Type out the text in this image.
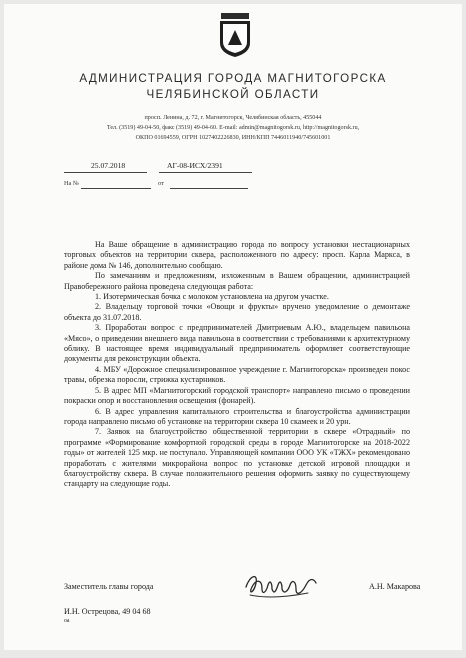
АДМИНИСТРАЦИЯ ГОРОДА МАГНИТОГОРСКА
ЧЕЛЯБИНСКОЙ ОБЛАСТИ
просп. Ленина, д. 72, г. Магнитогорск, Челябинская область, 455044
Тел. (3519) 49-04-50, факс (3519) 49-04-60. E-mail: admin@magnitogorsk.ru, http://magnitogorsk.ru,
ОКПО 01694559, ОГРН 1027402226830, ИНН/КПП 7446011940/745601001
25.07.2018	АГ-08-ИСХ/2391
На №	от

На Ваше обращение в администрацию города по вопросу установки нестационарных торговых объектов на территории сквера, расположенного по адресу: просп. Карла Маркса, в районе дома № 146, дополнительно сообщаю.

По замечаниям и предложениям, изложенным в Вашем обращении, администрацией Правобережного района проведена следующая работа:

1. Изотермическая бочка с молоком установлена на другом участке.

2. Владельцу торговой точки «Овощи и фрукты» вручено уведомление о демонтаже объекта до 31.07.2018.

3. Проработан вопрос с предпринимателей Дмитриевым А.Ю., владельцем павильона «Мясо», о приведении внешнего вида павильона в соответствии с требованиями к архитектурному облику. В настоящее время индивидуальный предприниматель оформляет соответствующие документы для реконструкции объекта.

4. МБУ «Дорожное специализированное учреждение г. Магнитогорска» произведен покос травы, обрезка поросли, стрижка кустарников.

5. В адрес МП «Магнитогорский городской транспорт» направлено письмо о проведении покраски опор и восстановления освещения (фонарей).

6. В адрес управления капитального строительства и благоустройства администрации города направлено письмо об установке на территории сквера 10 скамеек и 20 урн.

7. Заявок на благоустройство общественной территории в сквере «Отрадный» по программе «Формирование комфортной городской среды в городе Магнитогорске на 2018-2022 годы» от жителей 125 мкр. не поступало. Управляющей компании ООО УК «ТЖХ» рекомендовано проработать с жителями микрорайона вопрос по установке детской игровой площадки и благоустройству сквера. В случае положительного решения оформить заявку по существующему стандарту на следующие годы.

Заместитель главы города	А.Н. Макарова
И.Н. Острецова, 49 04 68
оа
